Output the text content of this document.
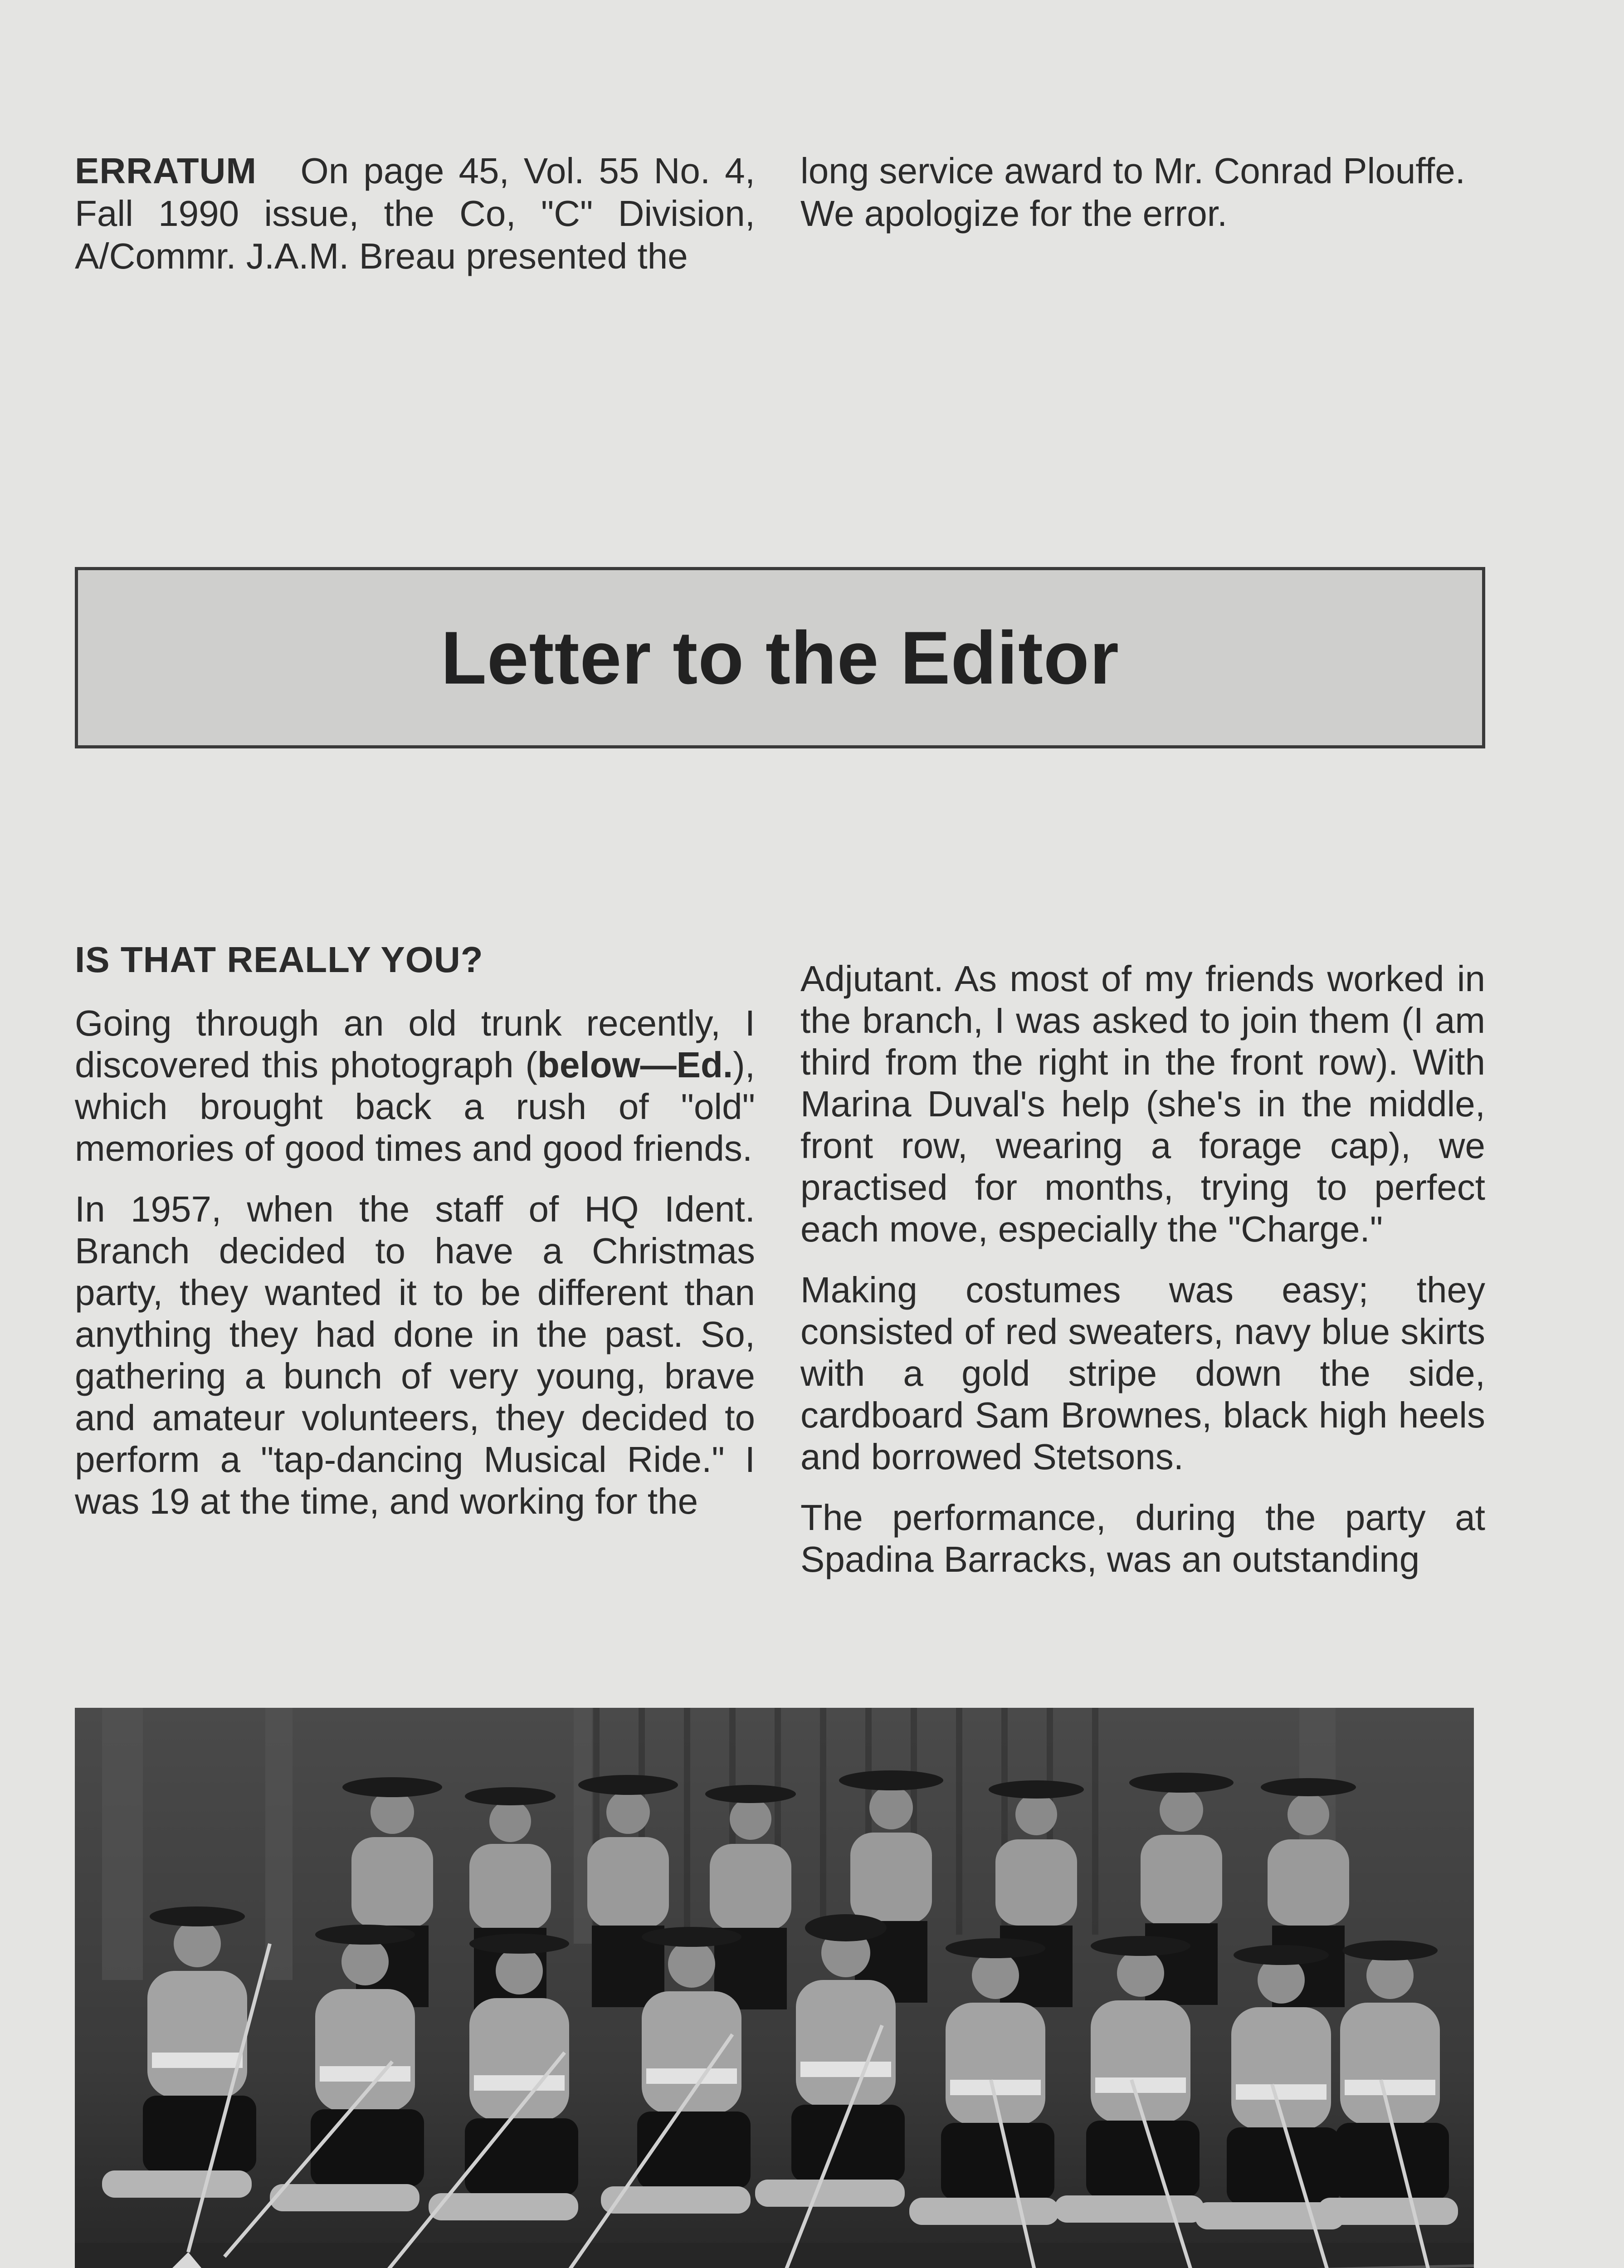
ERRATUM On page 45, Vol. 55 No. 4, Fall 1990 issue, the Co, "C" Division, A/Commr. J.A.M. Breau presented the
long service award to Mr. Conrad Plouffe. We apologize for the error.
Letter to the Editor
IS THAT REALLY YOU?

Going through an old trunk recently, I discovered this photograph (below—Ed.), which brought back a rush of "old" memories of good times and good friends.

In 1957, when the staff of HQ Ident. Branch decided to have a Christmas party, they wanted it to be different than anything they had done in the past. So, gathering a bunch of very young, brave and amateur volunteers, they decided to perform a "tap-dancing Musical Ride." I was 19 at the time, and working for the

Adjutant. As most of my friends worked in the branch, I was asked to join them (I am third from the right in the front row). With Marina Duval's help (she's in the middle, front row, wearing a forage cap), we practised for months, trying to perfect each move, especially the "Charge."

Making costumes was easy; they consisted of red sweaters, navy blue skirts with a gold stripe down the side, cardboard Sam Brownes, black high heels and borrowed Stetsons.

The performance, during the party at Spadina Barracks, was an outstanding
